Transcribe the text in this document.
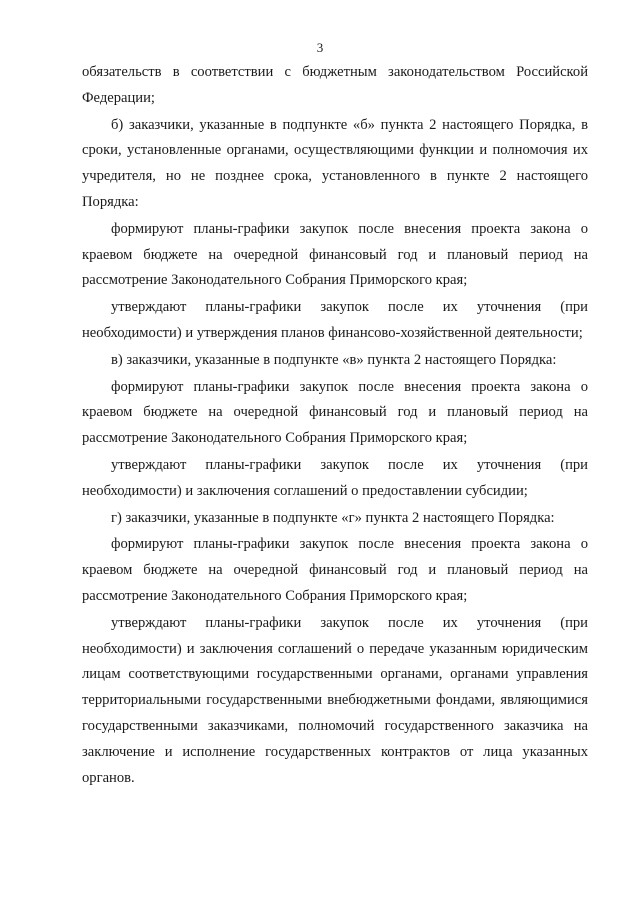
3

обязательств в соответствии с бюджетным законодательством Российской Федерации;

б) заказчики, указанные в подпункте «б» пункта 2 настоящего Порядка, в сроки, установленные органами, осуществляющими функции и полномочия их учредителя, но не позднее срока, установленного в пункте 2 настоящего Порядка:

формируют планы-графики закупок после внесения проекта закона о краевом бюджете на очередной финансовый год и плановый период на рассмотрение Законодательного Собрания Приморского края;

утверждают планы-графики закупок после их уточнения (при необходимости) и утверждения планов финансово-хозяйственной деятельности;

в) заказчики, указанные в подпункте «в» пункта 2 настоящего Порядка:

формируют планы-графики закупок после внесения проекта закона о краевом бюджете на очередной финансовый год и плановый период на рассмотрение Законодательного Собрания Приморского края;

утверждают планы-графики закупок после их уточнения (при необходимости) и заключения соглашений о предоставлении субсидии;

г) заказчики, указанные в подпункте «г» пункта 2 настоящего Порядка:

формируют планы-графики закупок после внесения проекта закона о краевом бюджете на очередной финансовый год и плановый период на рассмотрение Законодательного Собрания Приморского края;

утверждают планы-графики закупок после их уточнения (при необходимости) и заключения соглашений о передаче указанным юридическим лицам соответствующими государственными органами, органами управления территориальными государственными внебюджетными фондами, являющимися государственными заказчиками, полномочий государственного заказчика на заключение и исполнение государственных контрактов от лица указанных органов.
